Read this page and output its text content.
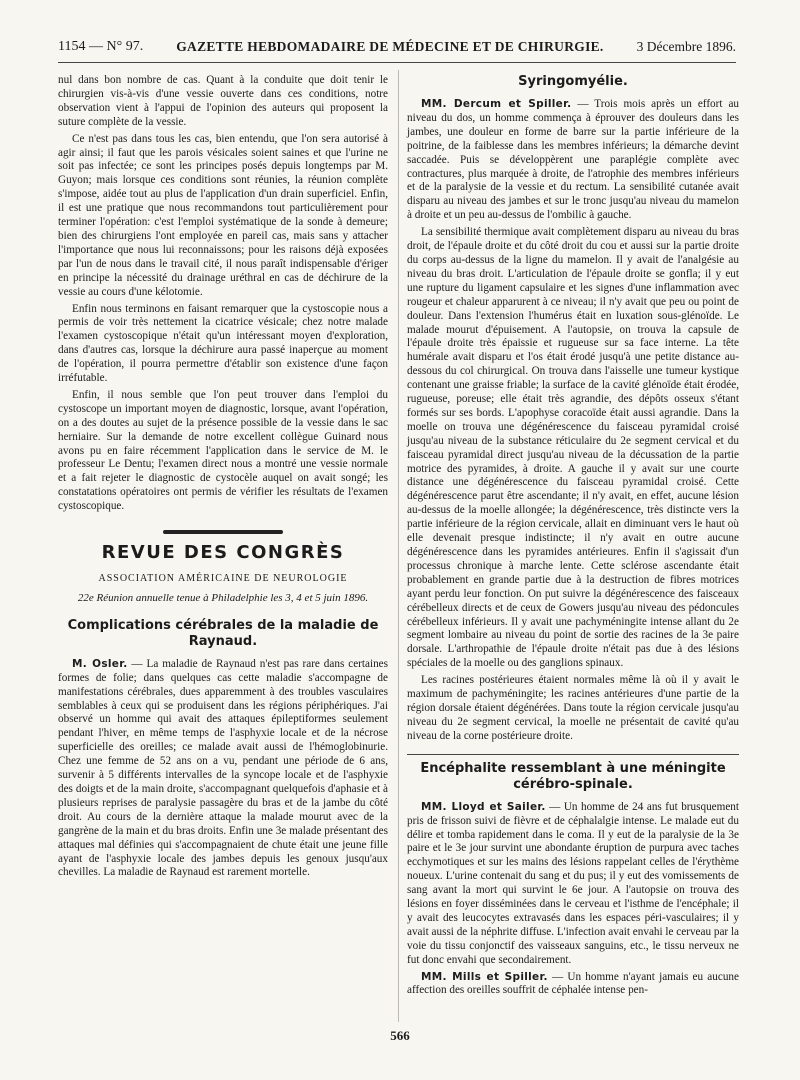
1154 — N° 97. GAZETTE HEBDOMADAIRE DE MÉDECINE ET DE CHIRURGIE. 3 Décembre 1896.

nul dans bon nombre de cas. Quant à la conduite que doit tenir le chirurgien vis-à-vis d'une vessie ouverte dans ces conditions, notre observation vient à l'appui de l'opinion des auteurs qui proposent la suture complète de la vessie.

Ce n'est pas dans tous les cas, bien entendu, que l'on sera autorisé à agir ainsi; il faut que les parois vésicales soient saines et que l'urine ne soit pas infectée; ce sont les principes posés depuis longtemps par M. Guyon; mais lorsque ces conditions sont réunies, la réunion complète s'impose, aidée tout au plus de l'application d'un drain superficiel. Enfin, il est une pratique que nous recommandons tout particulièrement pour terminer l'opération: c'est l'emploi systématique de la sonde à demeure; bien des chirurgiens l'ont employée en pareil cas, mais sans y attacher l'importance que nous lui reconnaissons; pour les raisons déjà exposées par l'un de nous dans le travail cité, il nous paraît indispensable d'ériger en principe la nécessité du drainage uréthral en cas de déchirure de la vessie au cours d'une kélotomie.

Enfin nous terminons en faisant remarquer que la cystoscopie nous a permis de voir très nettement la cicatrice vésicale; chez notre malade l'examen cystoscopique n'était qu'un intéressant moyen d'exploration, dans d'autres cas, lorsque la déchirure aura passé inaperçue au moment de l'opération, il pourra permettre d'établir son existence d'une façon irréfutable.

Enfin, il nous semble que l'on peut trouver dans l'emploi du cystoscope un important moyen de diagnostic, lorsque, avant l'opération, on a des doutes au sujet de la présence possible de la vessie dans le sac herniaire. Sur la demande de notre excellent collègue Guinard nous avons pu en faire récemment l'application dans le service de M. le professeur Le Dentu; l'examen direct nous a montré une vessie normale et a fait rejeter le diagnostic de cystocèle auquel on avait songé; les constatations opératoires ont permis de vérifier les résultats de l'examen cystoscopique.

REVUE DES CONGRÈS
ASSOCIATION AMÉRICAINE DE NEUROLOGIE
22e Réunion annuelle tenue à Philadelphie les 3, 4 et 5 juin 1896.
Complications cérébrales de la maladie de Raynaud.

M. Osler. — La maladie de Raynaud n'est pas rare dans certaines formes de folie; dans quelques cas cette maladie s'accompagne de manifestations cérébrales, dues apparemment à des troubles vasculaires semblables à ceux qui se produisent dans les régions périphériques. J'ai observé un homme qui avait des attaques épileptiformes seulement pendant l'hiver, en même temps de l'asphyxie locale et de la nécrose superficielle des oreilles; ce malade avait aussi de l'hémoglobinurie. Chez une femme de 52 ans on a vu, pendant une période de 6 ans, survenir à 5 différents intervalles de la syncope locale et de l'asphyxie des doigts et de la main droite, s'accompagnant quelquefois d'aphasie et à plusieurs reprises de paralysie passagère du bras et de la jambe du côté droit. Au cours de la dernière attaque la malade mourut avec de la gangrène de la main et du bras droits. Enfin une 3e malade présentant des attaques mal définies qui s'accompagnaient de chute était une jeune fille ayant de l'asphyxie locale des jambes depuis les genoux jusqu'aux chevilles. La maladie de Raynaud est rarement mortelle.

Syringomyélie.

MM. Dercum et Spiller. — Trois mois après un effort au niveau du dos, un homme commença à éprouver des douleurs dans les jambes, une douleur en forme de barre sur la partie inférieure de la poitrine, de la faiblesse dans les membres inférieurs; la démarche devint saccadée. Puis se développèrent une paraplégie complète avec contractures, plus marquée à droite, de l'atrophie des membres inférieurs et de la paralysie de la vessie et du rectum. La sensibilité cutanée avait disparu au niveau des jambes et sur le tronc jusqu'au niveau du mamelon à droite et un peu au-dessus de l'ombilic à gauche.

La sensibilité thermique avait complètement disparu au niveau du bras droit, de l'épaule droite et du côté droit du cou et aussi sur la partie droite du corps au-dessus de la ligne du mamelon. Il y avait de l'analgésie au niveau du bras droit. L'articulation de l'épaule droite se gonfla; il y eut une rupture du ligament capsulaire et les signes d'une inflammation avec rougeur et chaleur apparurent à ce niveau; il n'y avait que peu ou point de douleur. Dans l'extension l'humérus était en luxation sous-glénoïde. Le malade mourut d'épuisement. A l'autopsie, on trouva la capsule de l'épaule droite très épaissie et rugueuse sur sa face interne. La tête humérale avait disparu et l'os était érodé jusqu'à une petite distance au-dessous du col chirurgical. On trouva dans l'aisselle une tumeur kystique contenant une graisse friable; la surface de la cavité glénoïde était érodée, rugueuse, poreuse; elle était très agrandie, des dépôts osseux s'étant formés sur ses bords. L'apophyse coracoïde était aussi agrandie. Dans la moelle on trouva une dégénérescence du faisceau pyramidal croisé jusqu'au niveau de la substance réticulaire du 2e segment cervical et du faisceau pyramidal direct jusqu'au niveau de la décussation de la partie motrice des pyramides, à droite. A gauche il y avait sur une courte distance une dégénérescence du faisceau pyramidal croisé. Cette dégénérescence parut être ascendante; il n'y avait, en effet, aucune lésion au-dessus de la moelle allongée; la dégénérescence, très distincte vers la partie inférieure de la région cervicale, allait en diminuant vers le haut où elle devenait presque indistincte; il n'y avait en outre aucune dégénérescence dans les pyramides antérieures. Enfin il s'agissait d'un processus chronique à marche lente. Cette sclérose ascendante était probablement en grande partie due à la destruction de fibres motrices ayant perdu leur fonction. On put suivre la dégénérescence des faisceaux cérébelleux directs et de ceux de Gowers jusqu'au niveau des pédoncules cérébelleux inférieurs. Il y avait une pachyméningite intense allant du 2e segment lombaire au niveau du point de sortie des racines de la 3e paire dorsale. L'arthropathie de l'épaule droite n'était pas due à des lésions spéciales de la moelle ou des ganglions spinaux.

Les racines postérieures étaient normales même là où il y avait le maximum de pachyméningite; les racines antérieures d'une partie de la région dorsale étaient dégénérées. Dans toute la région cervicale jusqu'au niveau du 2e segment cervical, la moelle ne présentait de cavité qu'au niveau de la corne postérieure droite.

Encéphalite ressemblant à une méningite cérébro-spinale.

MM. Lloyd et Sailer. — Un homme de 24 ans fut brusquement pris de frisson suivi de fièvre et de céphalalgie intense. Le malade eut du délire et tomba rapidement dans le coma. Il y eut de la paralysie de la 3e paire et le 3e jour survint une abondante éruption de purpura avec taches ecchymotiques et sur les mains des lésions rappelant celles de l'érythème noueux. L'urine contenait du sang et du pus; il y eut des vomissements de sang avant la mort qui survint le 6e jour. A l'autopsie on trouva des lésions en foyer disséminées dans le cerveau et l'isthme de l'encéphale; il y avait des leucocytes extravasés dans les espaces péri-vasculaires; il y avait aussi de la néphrite diffuse. L'infection avait envahi le cerveau par la voie du tissu conjonctif des vaisseaux sanguins, etc., le tissu nerveux ne fut donc envahi que secondairement.

MM. Mills et Spiller. — Un homme n'ayant jamais eu aucune affection des oreilles souffrit de céphalée intense pen-

566
